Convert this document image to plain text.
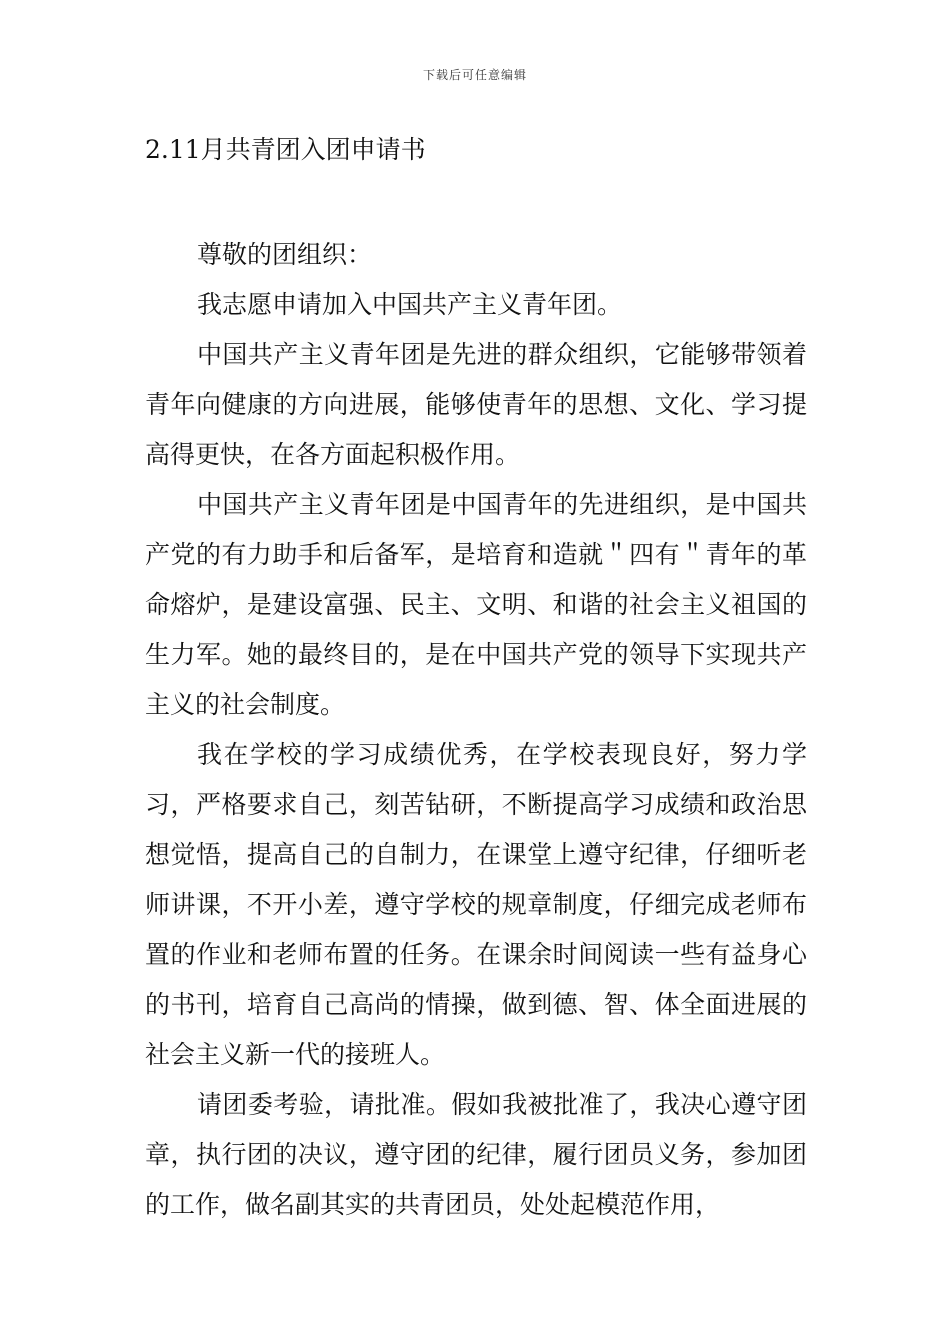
下载后可任意编辑
2.11月共青团入团申请书

尊敬的团组织：

我志愿申请加入中国共产主义青年团。

中国共产主义青年团是先进的群众组织，它能够带领着青年向健康的方向进展，能够使青年的思想、文化、学习提高得更快，在各方面起积极作用。

中国共产主义青年团是中国青年的先进组织，是中国共产党的有力助手和后备军，是培育和造就＂四有＂青年的革命熔炉，是建设富强、民主、文明、和谐的社会主义祖国的生力军。她的最终目的，是在中国共产党的领导下实现共产主义的社会制度。

我在学校的学习成绩优秀，在学校表现良好，努力学习，严格要求自己，刻苦钻研，不断提高学习成绩和政治思想觉悟，提高自己的自制力，在课堂上遵守纪律，仔细听老师讲课，不开小差，遵守学校的规章制度，仔细完成老师布置的作业和老师布置的任务。在课余时间阅读一些有益身心的书刊，培育自己高尚的情操，做到德、智、体全面进展的社会主义新一代的接班人。

请团委考验，请批准。假如我被批准了，我决心遵守团章，执行团的决议，遵守团的纪律，履行团员义务，参加团的工作，做名副其实的共青团员，处处起模范作用，
